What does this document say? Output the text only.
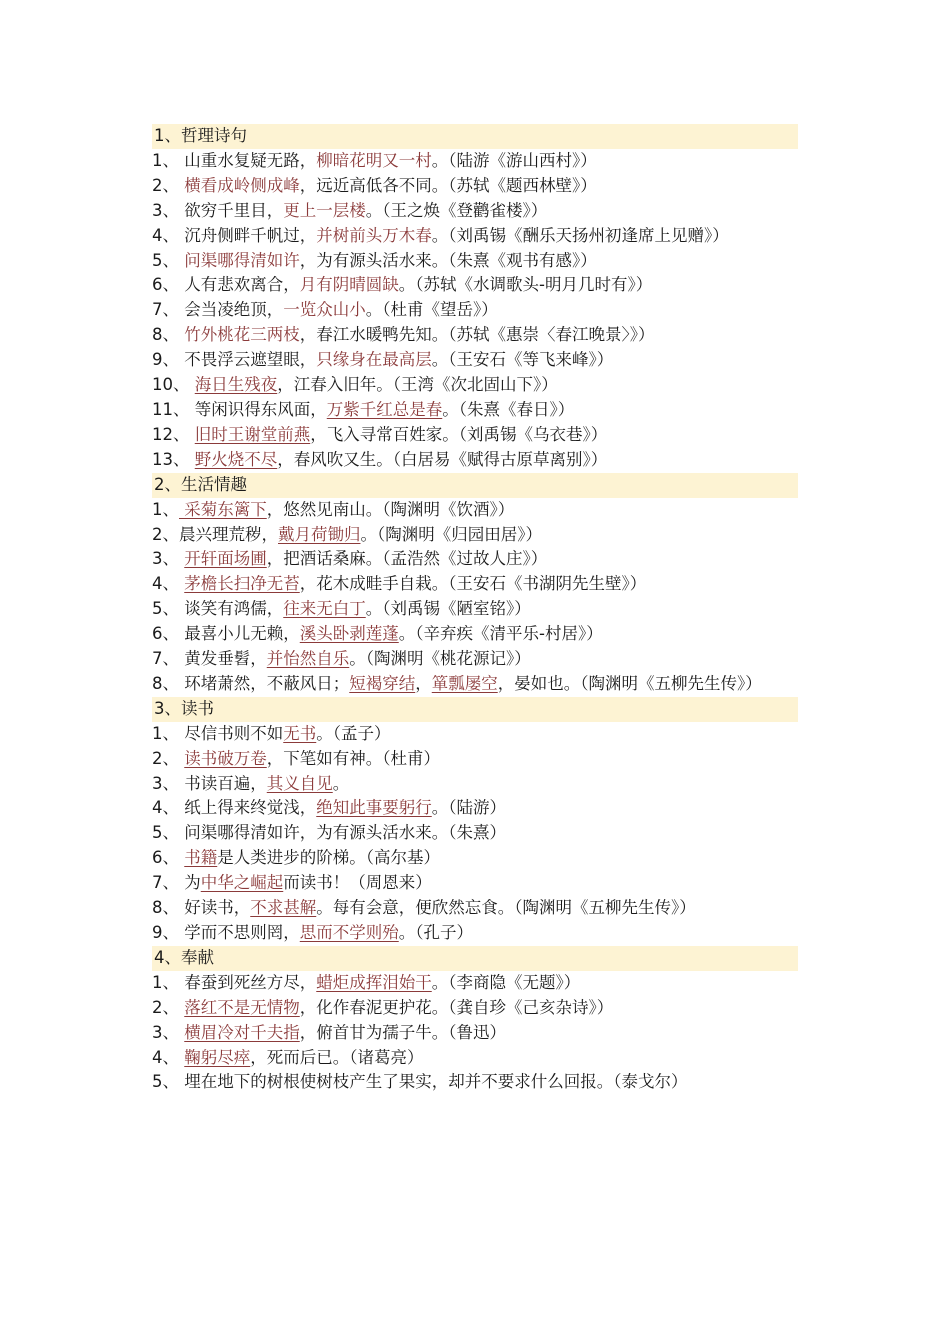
1、哲理诗句
1、 山重水复疑无路，柳暗花明又一村。（陆游《游山西村》）
2、 横看成岭侧成峰，远近高低各不同。（苏轼《题西林壁》）
3、 欲穷千里目，更上一层楼。（王之焕《登鹳雀楼》）
4、 沉舟侧畔千帆过，并树前头万木春。（刘禹锡《酬乐天扬州初逢席上见赠》）
5、 问渠哪得清如许，为有源头活水来。（朱熹《观书有感》）
6、 人有悲欢离合，月有阴晴圆缺。（苏轼《水调歌头-明月几时有》）
7、 会当凌绝顶，一览众山小。（杜甫《望岳》）
8、 竹外桃花三两枝，春江水暖鸭先知。（苏轼《惠崇〈春江晚景〉》）
9、 不畏浮云遮望眼，只缘身在最高层。（王安石《等飞来峰》）
10、 海日生残夜，江春入旧年。（王湾《次北固山下》）
11、 等闲识得东风面，万紫千红总是春。（朱熹《春日》）
12、 旧时王谢堂前燕，飞入寻常百姓家。（刘禹锡《乌衣巷》）
13、 野火烧不尽，春风吹又生。（白居易《赋得古原草离别》）
2、生活情趣
1、 采菊东篱下，悠然见南山。（陶渊明《饮酒》）
2、晨兴理荒秽，戴月荷锄归。（陶渊明《归园田居》）
3、 开轩面场圃，把酒话桑麻。（孟浩然《过故人庄》）
4、 茅檐长扫净无苔，花木成畦手自栽。（王安石《书湖阴先生壁》）
5、 谈笑有鸿儒，往来无白丁。（刘禹锡《陋室铭》）
6、 最喜小儿无赖，溪头卧剥莲蓬。（辛弃疾《清平乐-村居》）
7、 黄发垂髫，并怡然自乐。（陶渊明《桃花源记》）
8、 环堵萧然，不蔽风日；短褐穿结，箪瓢屡空，晏如也。（陶渊明《五柳先生传》）
3、读书
1、 尽信书则不如无书。（孟子）
2、 读书破万卷，下笔如有神。（杜甫）
3、 书读百遍，其义自见。
4、 纸上得来终觉浅，绝知此事要躬行。（陆游）
5、 问渠哪得清如许，为有源头活水来。（朱熹）
6、 书籍是人类进步的阶梯。（高尔基）
7、 为中华之崛起而读书！（周恩来）
8、 好读书，不求甚解。每有会意，便欣然忘食。（陶渊明《五柳先生传》）
9、 学而不思则罔，思而不学则殆。（孔子）
4、奉献
1、 春蚕到死丝方尽，蜡炬成挥泪始干。（李商隐《无题》）
2、 落红不是无情物，化作春泥更护花。（龚自珍《己亥杂诗》）
3、 横眉冷对千夫指，俯首甘为孺子牛。（鲁迅）
4、 鞠躬尽瘁，死而后已。（诸葛亮）
5、 埋在地下的树根使树枝产生了果实，却并不要求什么回报。（泰戈尔）
